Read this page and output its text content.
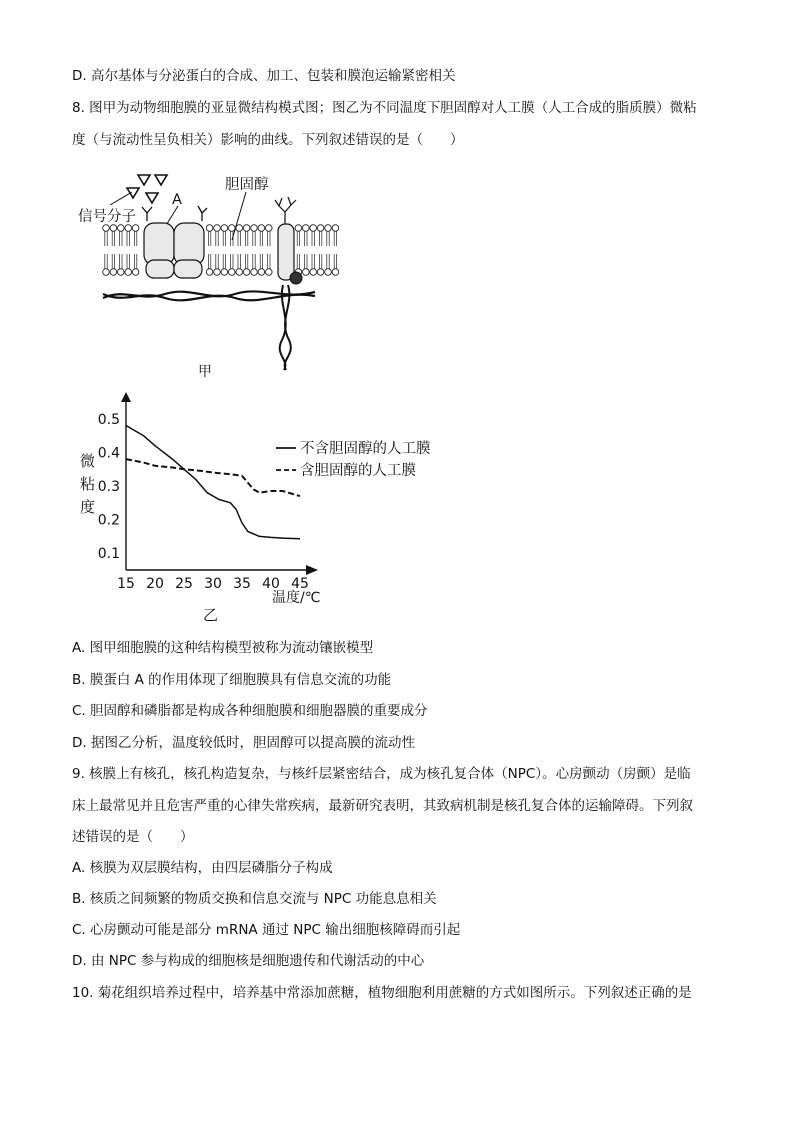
D. 高尔基体与分泌蛋白的合成、加工、包装和膜泡运输紧密相关
8. 图甲为动物细胞膜的亚显微结构模式图；图乙为不同温度下胆固醇对人工膜（人工合成的脂质膜）微粘
度（与流动性呈负相关）影响的曲线。下列叙述错误的是（　　）
信号分子
A
胆固醇
甲
15 20 25 30 35 40 45
0.1
0.2
0.3
0.4
0.5
微
粘
度
温度/℃
乙
不含胆固醇的人工膜
含胆固醇的人工膜
A. 图甲细胞膜的这种结构模型被称为流动镶嵌模型
B. 膜蛋白 A 的作用体现了细胞膜具有信息交流的功能
C. 胆固醇和磷脂都是构成各种细胞膜和细胞器膜的重要成分
D. 据图乙分析，温度较低时，胆固醇可以提高膜的流动性
9. 核膜上有核孔，核孔构造复杂，与核纤层紧密结合，成为核孔复合体（NPC）。心房颤动（房颤）是临
床上最常见并且危害严重的心律失常疾病，最新研究表明，其致病机制是核孔复合体的运输障碍。下列叙
述错误的是（　　）
A. 核膜为双层膜结构，由四层磷脂分子构成
B. 核质之间频繁的物质交换和信息交流与 NPC 功能息息相关
C. 心房颤动可能是部分 mRNA 通过 NPC 输出细胞核障碍而引起
D. 由 NPC 参与构成的细胞核是细胞遗传和代谢活动的中心
10. 菊花组织培养过程中，培养基中常添加蔗糖，植物细胞利用蔗糖的方式如图所示。下列叙述正确的是
